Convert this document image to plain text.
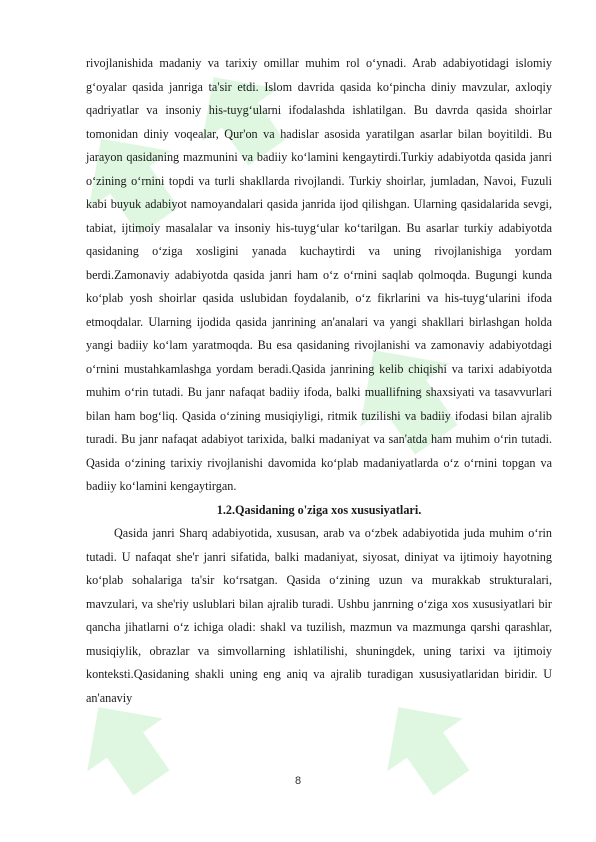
rivojlanishida madaniy va tarixiy omillar muhim rol o‘ynadi. Arab adabiyotidagi islomiy g‘oyalar qasida janriga ta'sir etdi. Islom davrida qasida ko‘pincha diniy mavzular, axloqiy qadriyatlar va insoniy his-tuyg‘ularni ifodalashda ishlatilgan. Bu davrda qasida shoirlar tomonidan diniy voqealar, Qur'on va hadislar asosida yaratilgan asarlar bilan boyitildi. Bu jarayon qasidaning mazmunini va badiiy ko‘lamini kengaytirdi.Turkiy adabiyotda qasida janri o‘zining o‘rnini topdi va turli shakllarda rivojlandi. Turkiy shoirlar, jumladan, Navoi, Fuzuli kabi buyuk adabiyot namoyandalari qasida janrida ijod qilishgan. Ularning qasidalarida sevgi, tabiat, ijtimoiy masalalar va insoniy his-tuyg‘ular ko‘tarilgan. Bu asarlar turkiy adabiyotda qasidaning o‘ziga xosligini yanada kuchaytirdi va uning rivojlanishiga yordam berdi.Zamonaviy adabiyotda qasida janri ham o‘z o‘rnini saqlab qolmoqda. Bugungi kunda ko‘plab yosh shoirlar qasida uslubidan foydalanib, o‘z fikrlarini va his-tuyg‘ularini ifoda etmoqdalar. Ularning ijodida qasida janrining an'analari va yangi shakllari birlashgan holda yangi badiiy ko‘lam yaratmoqda. Bu esa qasidaning rivojlanishi va zamonaviy adabiyotdagi o‘rnini mustahkamlashga yordam beradi.Qasida janrining kelib chiqishi va tarixi adabiyotda muhim o‘rin tutadi. Bu janr nafaqat badiiy ifoda, balki muallifning shaxsiyati va tasavvurlari bilan ham bog‘liq. Qasida o‘zining musiqiyligi, ritmik tuzilishi va badiiy ifodasi bilan ajralib turadi. Bu janr nafaqat adabiyot tarixida, balki madaniyat va san'atda ham muhim o‘rin tutadi. Qasida o‘zining tarixiy rivojlanishi davomida ko‘plab madaniyatlarda o‘z o‘rnini topgan va badiiy ko‘lamini kengaytirgan.

1.2.Qasidaning o'ziga xos xususiyatlari.

Qasida janri Sharq adabiyotida, xususan, arab va o‘zbek adabiyotida juda muhim o‘rin tutadi. U nafaqat she'r janri sifatida, balki madaniyat, siyosat, diniyat va ijtimoiy hayotning ko‘plab sohalariga ta'sir ko‘rsatgan. Qasida o‘zining uzun va murakkab strukturalari, mavzulari, va she'riy uslublari bilan ajralib turadi. Ushbu janrning o‘ziga xos xususiyatlari bir qancha jihatlarni o‘z ichiga oladi: shakl va tuzilish, mazmun va mazmunga qarshi qarashlar, musiqiylik, obrazlar va simvollarning ishlatilishi, shuningdek, uning tarixi va ijtimoiy konteksti.Qasidaning shakli uning eng aniq va ajralib turadigan xususiyatlaridan biridir. U an'anaviy

8
